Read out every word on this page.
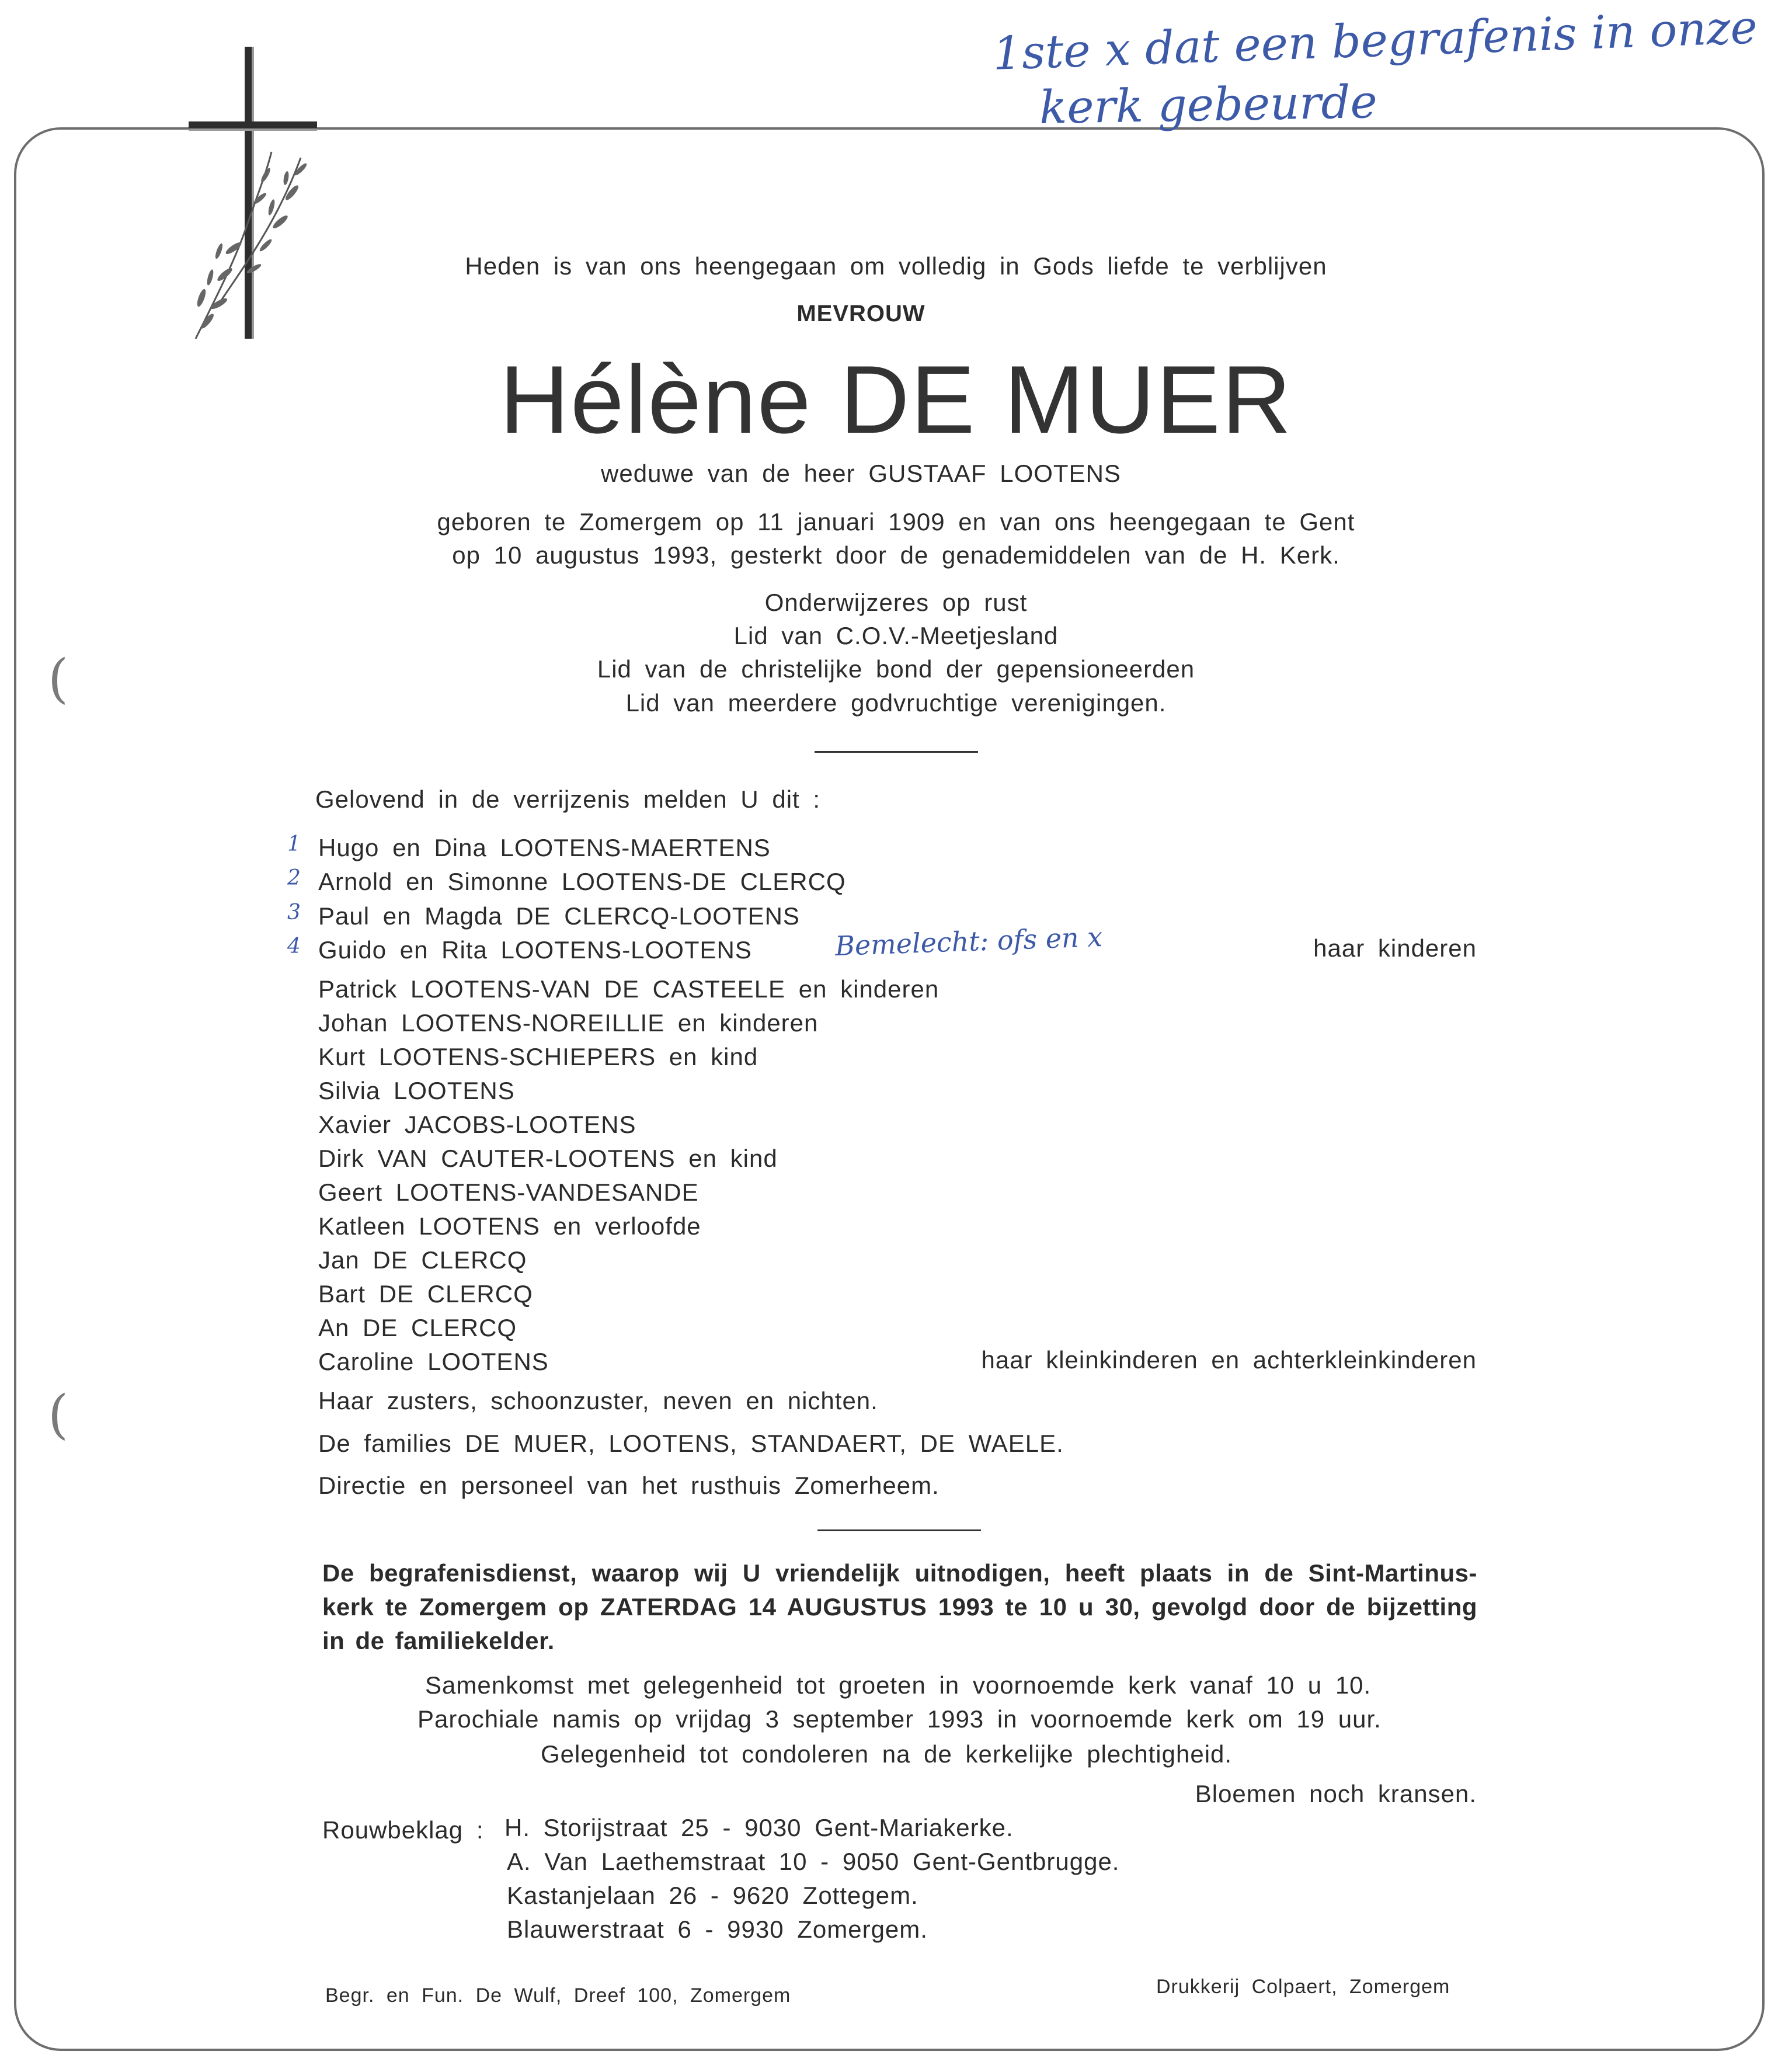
(
(
1ste x dat een begrafenis in onze
kerk gebeurde
Heden is van ons heengegaan om volledig in Gods liefde te verblijven
MEVROUW
Hélène DE MUER
weduwe van de heer GUSTAAF LOOTENS
geboren te Zomergem op 11 januari 1909 en van ons heengegaan te Gent
op 10 augustus 1993, gesterkt door de genademiddelen van de H. Kerk.
Onderwijzeres op rust
Lid van C.O.V.-Meetjesland
Lid van de christelijke bond der gepensioneerden
Lid van meerdere godvruchtige verenigingen.
Gelovend in de verrijzenis melden U dit :
1
2
3
4
Hugo en Dina LOOTENS-MAERTENS
Arnold en Simonne LOOTENS-DE CLERCQ
Paul en Magda DE CLERCQ-LOOTENS
Guido en Rita LOOTENS-LOOTENS	Bemelecht: ofs en x	haar kinderen
Patrick LOOTENS-VAN DE CASTEELE en kinderen
Johan LOOTENS-NOREILLIE en kinderen
Kurt LOOTENS-SCHIEPERS en kind
Silvia LOOTENS
Xavier JACOBS-LOOTENS
Dirk VAN CAUTER-LOOTENS en kind
Geert LOOTENS-VANDESANDE
Katleen LOOTENS en verloofde
Jan DE CLERCQ
Bart DE CLERCQ
An DE CLERCQ
Caroline LOOTENS	haar kleinkinderen en achterkleinkinderen
Haar zusters, schoonzuster, neven en nichten.
De families DE MUER, LOOTENS, STANDAERT, DE WAELE.
Directie en personeel van het rusthuis Zomerheem.
De begrafenisdienst, waarop wij U vriendelijk uitnodigen, heeft plaats in de Sint-Martinus-kerk te Zomergem op ZATERDAG 14 AUGUSTUS 1993 te 10 u 30, gevolgd door de bijzetting in de familiekelder.
Samenkomst met gelegenheid tot groeten in voornoemde kerk vanaf 10 u 10.
Parochiale namis op vrijdag 3 september 1993 in voornoemde kerk om 19 uur.
Gelegenheid tot condoleren na de kerkelijke plechtigheid.
Bloemen noch kransen.
Rouwbeklag : H. Storijstraat 25 - 9030 Gent-Mariakerke.
A. Van Laethemstraat 10 - 9050 Gent-Gentbrugge.
Kastanjelaan 26 - 9620 Zottegem.
Blauwerstraat 6 - 9930 Zomergem.
Begr. en Fun. De Wulf, Dreef 100, Zomergem	Drukkerij Colpaert, Zomergem
